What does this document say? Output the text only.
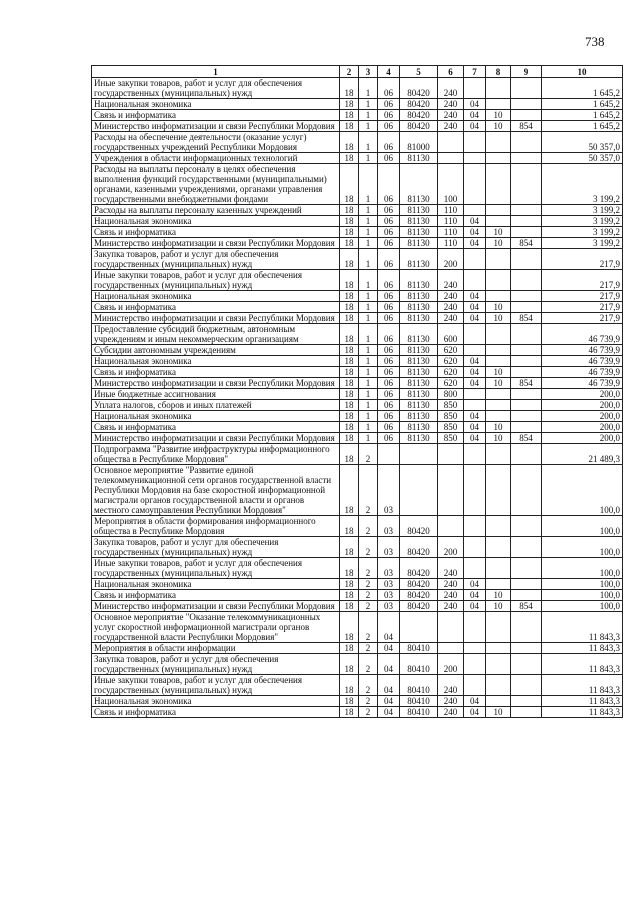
738
1	2	3	4	5	6	7	8	9	10
Иные закупки товаров, работ и услуг для обеспечения государственных (муниципальных) нужд	18	1	06	80420	240				1 645,2
Национальная экономика	18	1	06	80420	240	04			1 645,2
Связь и информатика	18	1	06	80420	240	04	10		1 645,2
Министерство информатизации и связи Республики Мордовия	18	1	06	80420	240	04	10	854	1 645,2
Расходы на обеспечение деятельности (оказание услуг) государственных учреждений Республики Мордовия	18	1	06	81000					50 357,0
Учреждения в области информационных технологий	18	1	06	81130					50 357,0
Расходы на выплаты персоналу в целях обеспечения выполнения функций государственными (муниципальными) органами, казенными учреждениями, органами управления государственными внебюджетными фондами	18	1	06	81130	100				3 199,2
Расходы на выплаты персоналу казенных учреждений	18	1	06	81130	110				3 199,2
Национальная экономика	18	1	06	81130	110	04			3 199,2
Связь и информатика	18	1	06	81130	110	04	10		3 199,2
Министерство информатизации и связи Республики Мордовия	18	1	06	81130	110	04	10	854	3 199,2
Закупка товаров, работ и услуг для обеспечения государственных (муниципальных) нужд	18	1	06	81130	200				217,9
Иные закупки товаров, работ и услуг для обеспечения государственных (муниципальных) нужд	18	1	06	81130	240				217,9
Национальная экономика	18	1	06	81130	240	04			217,9
Связь и информатика	18	1	06	81130	240	04	10		217,9
Министерство информатизации и связи Республики Мордовия	18	1	06	81130	240	04	10	854	217,9
Предоставление субсидий бюджетным, автономным учреждениям и иным некоммерческим организациям	18	1	06	81130	600				46 739,9
Субсидии автономным учреждениям	18	1	06	81130	620				46 739,9
Национальная экономика	18	1	06	81130	620	04			46 739,9
Связь и информатика	18	1	06	81130	620	04	10		46 739,9
Министерство информатизации и связи Республики Мордовия	18	1	06	81130	620	04	10	854	46 739,9
Иные бюджетные ассигнования	18	1	06	81130	800				200,0
Уплата налогов, сборов и иных платежей	18	1	06	81130	850				200,0
Национальная экономика	18	1	06	81130	850	04			200,0
Связь и информатика	18	1	06	81130	850	04	10		200,0
Министерство информатизации и связи Республики Мордовия	18	1	06	81130	850	04	10	854	200,0
Подпрограмма "Развитие инфраструктуры информационного общества в Республике Мордовия"	18	2							21 489,3
Основное мероприятие "Развитие единой телекоммуникационной сети органов государственной власти Республики Мордовия на базе скоростной информационной магистрали органов государственной власти и органов местного самоуправления Республики Мордовия"	18	2	03						100,0
Мероприятия в области формирования информационного общества в Республике Мордовия	18	2	03	80420					100,0
Закупка товаров, работ и услуг для обеспечения государственных (муниципальных) нужд	18	2	03	80420	200				100,0
Иные закупки товаров, работ и услуг для обеспечения государственных (муниципальных) нужд	18	2	03	80420	240				100,0
Национальная экономика	18	2	03	80420	240	04			100,0
Связь и информатика	18	2	03	80420	240	04	10		100,0
Министерство информатизации и связи Республики Мордовия	18	2	03	80420	240	04	10	854	100,0
Основное мероприятие "Оказание телекоммуникационных услуг скоростной информационной магистрали органов государственной власти Республики Мордовия"	18	2	04						11 843,3
Мероприятия в области информации	18	2	04	80410					11 843,3
Закупка товаров, работ и услуг для обеспечения государственных (муниципальных) нужд	18	2	04	80410	200				11 843,3
Иные закупки товаров, работ и услуг для обеспечения государственных (муниципальных) нужд	18	2	04	80410	240				11 843,3
Национальная экономика	18	2	04	80410	240	04			11 843,3
Связь и информатика	18	2	04	80410	240	04	10		11 843,3
